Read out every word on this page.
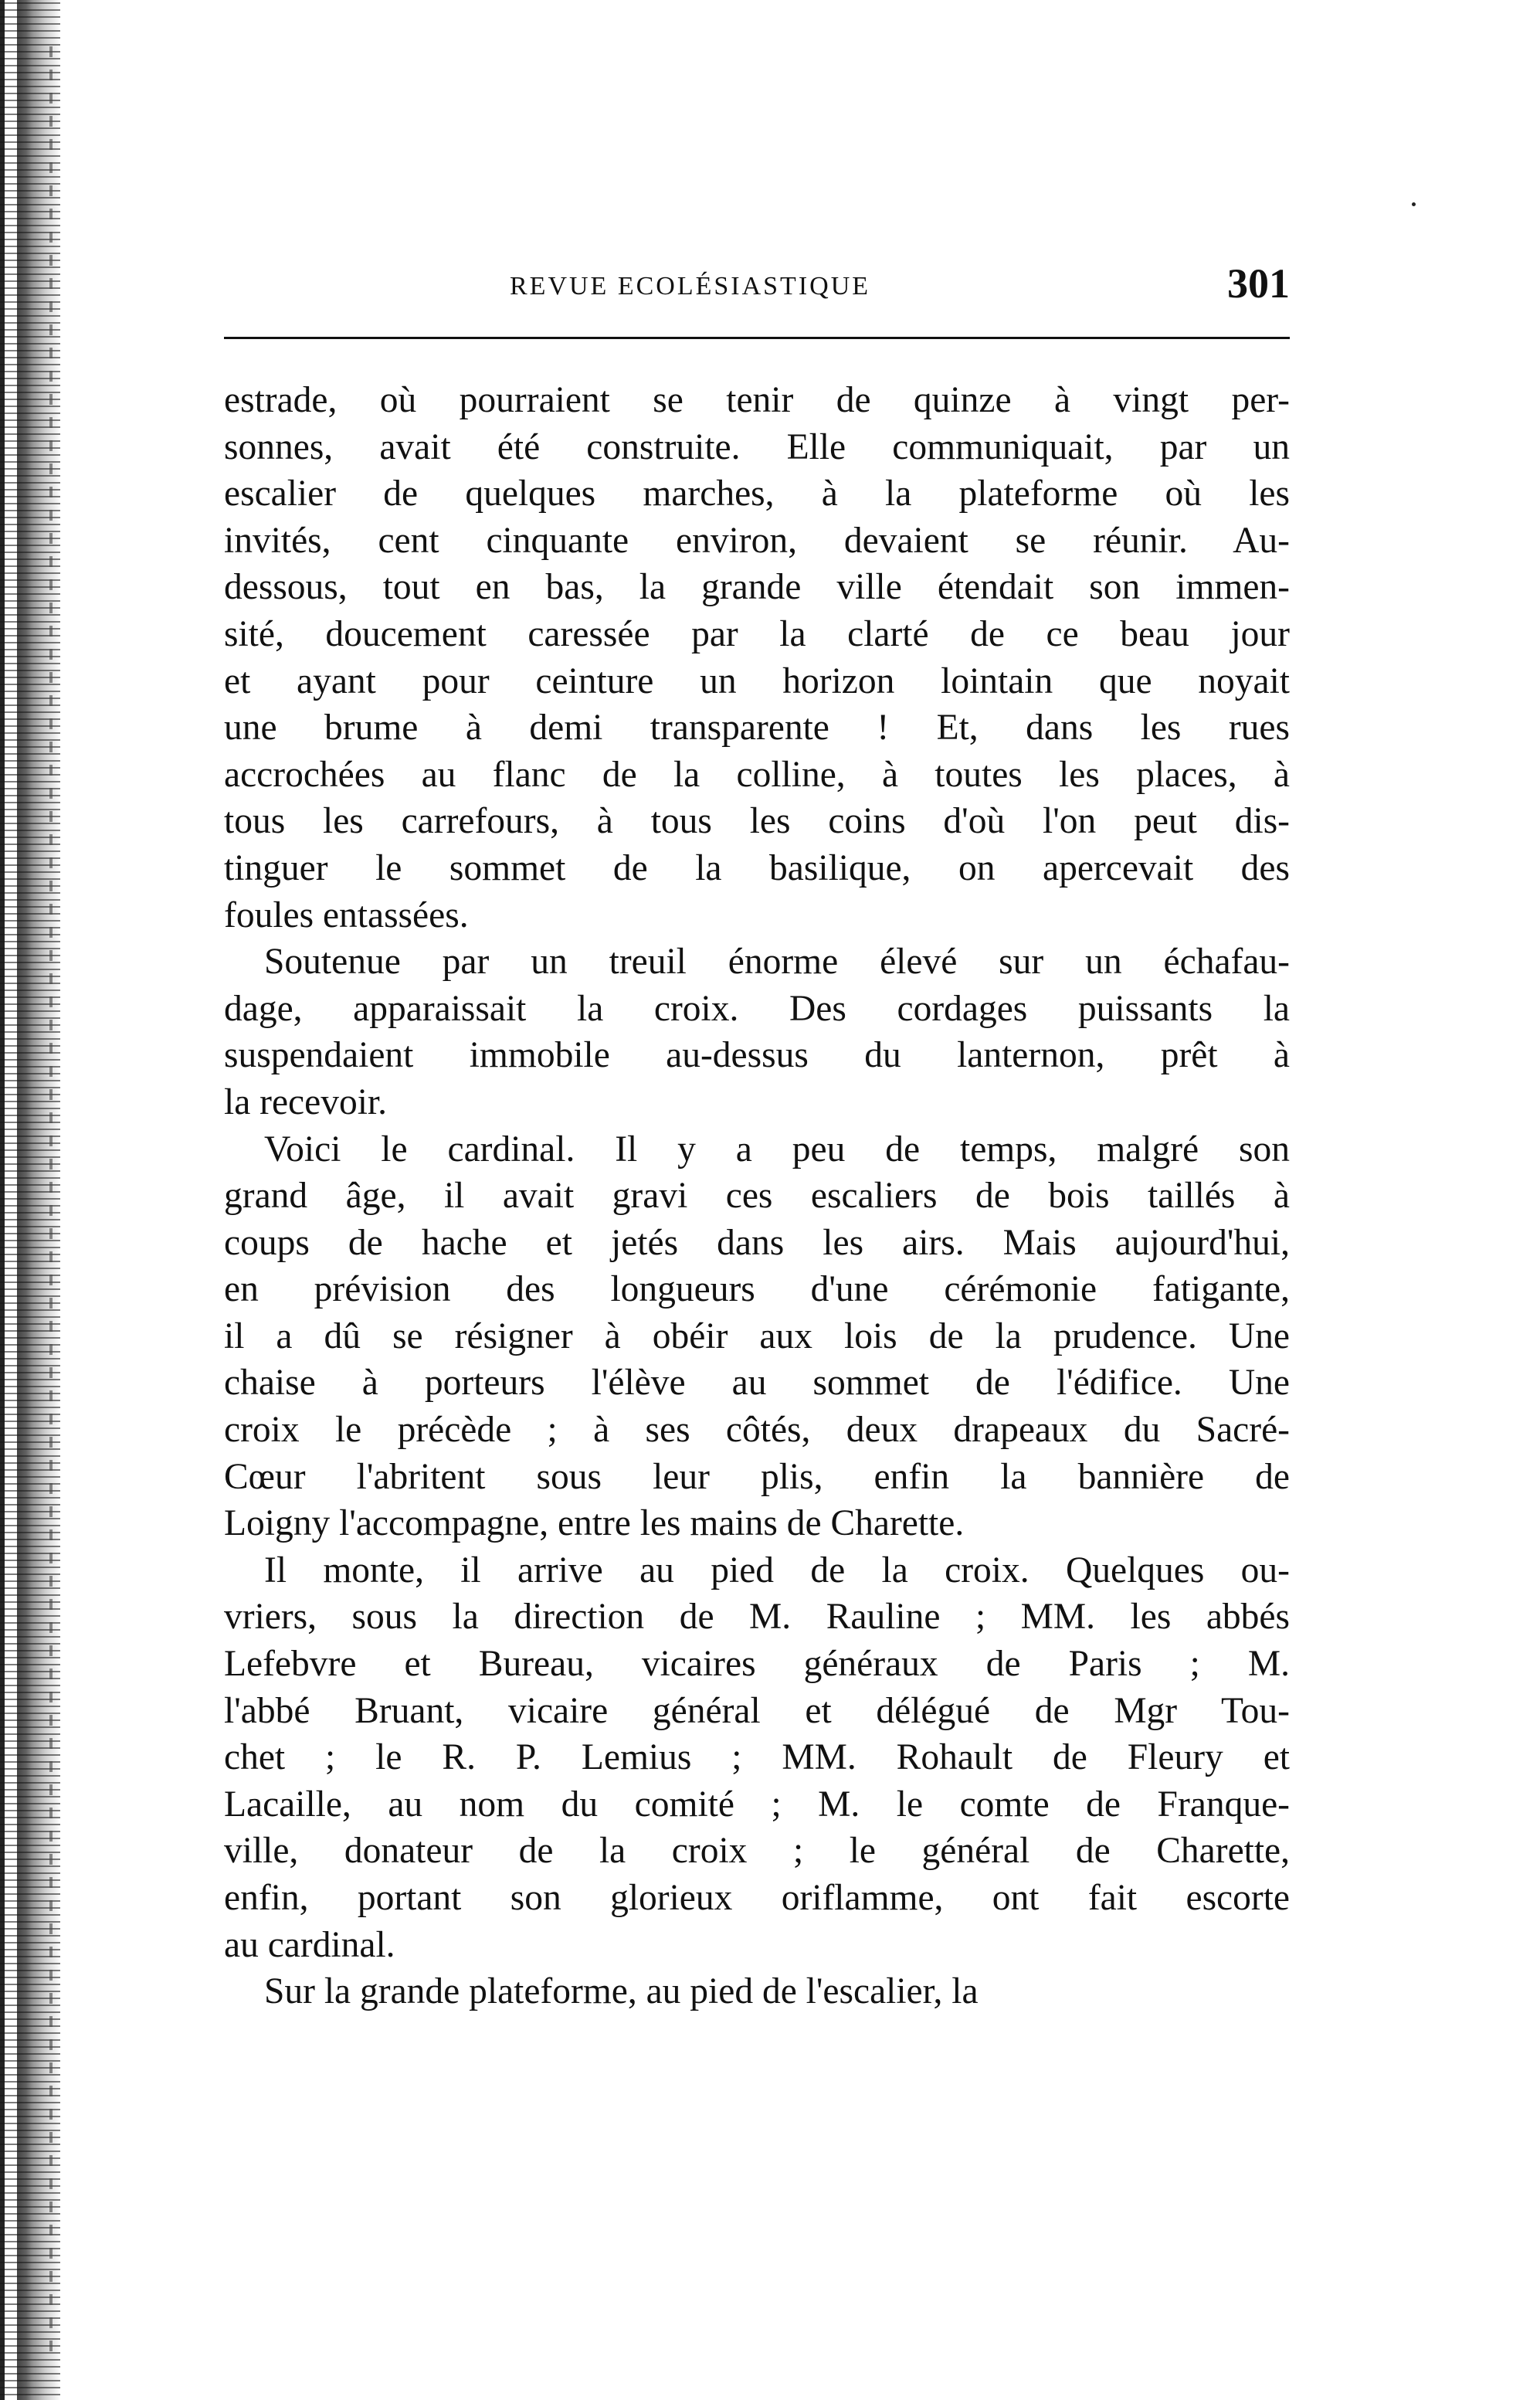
REVUE ECOLÉSIASTIQUE	301

estrade, où pourraient se tenir de quinze à vingt per-
sonnes, avait été construite. Elle communiquait, par un
escalier de quelques marches, à la plateforme où les
invités, cent cinquante environ, devaient se réunir. Au-
dessous, tout en bas, la grande ville étendait son immen-
sité, doucement caressée par la clarté de ce beau jour
et ayant pour ceinture un horizon lointain que noyait
une brume à demi transparente ! Et, dans les rues
accrochées au flanc de la colline, à toutes les places, à
tous les carrefours, à tous les coins d'où l'on peut dis-
tinguer le sommet de la basilique, on apercevait des
foules entassées.

Soutenue par un treuil énorme élevé sur un échafau-
dage, apparaissait la croix. Des cordages puissants la
suspendaient immobile au-dessus du lanternon, prêt à
la recevoir.

Voici le cardinal. Il y a peu de temps, malgré son
grand âge, il avait gravi ces escaliers de bois taillés à
coups de hache et jetés dans les airs. Mais aujourd'hui,
en prévision des longueurs d'une cérémonie fatigante,
il a dû se résigner à obéir aux lois de la prudence. Une
chaise à porteurs l'élève au sommet de l'édifice. Une
croix le précède ; à ses côtés, deux drapeaux du Sacré-
Cœur l'abritent sous leur plis, enfin la bannière de
Loigny l'accompagne, entre les mains de Charette.

Il monte, il arrive au pied de la croix. Quelques ou-
vriers, sous la direction de M. Rauline ; MM. les abbés
Lefebvre et Bureau, vicaires généraux de Paris ; M.
l'abbé Bruant, vicaire général et délégué de Mgr Tou-
chet ; le R. P. Lemius ; MM. Rohault de Fleury et
Lacaille, au nom du comité ; M. le comte de Franque-
ville, donateur de la croix ; le général de Charette,
enfin, portant son glorieux oriflamme, ont fait escorte
au cardinal.

Sur la grande plateforme, au pied de l'escalier, la
